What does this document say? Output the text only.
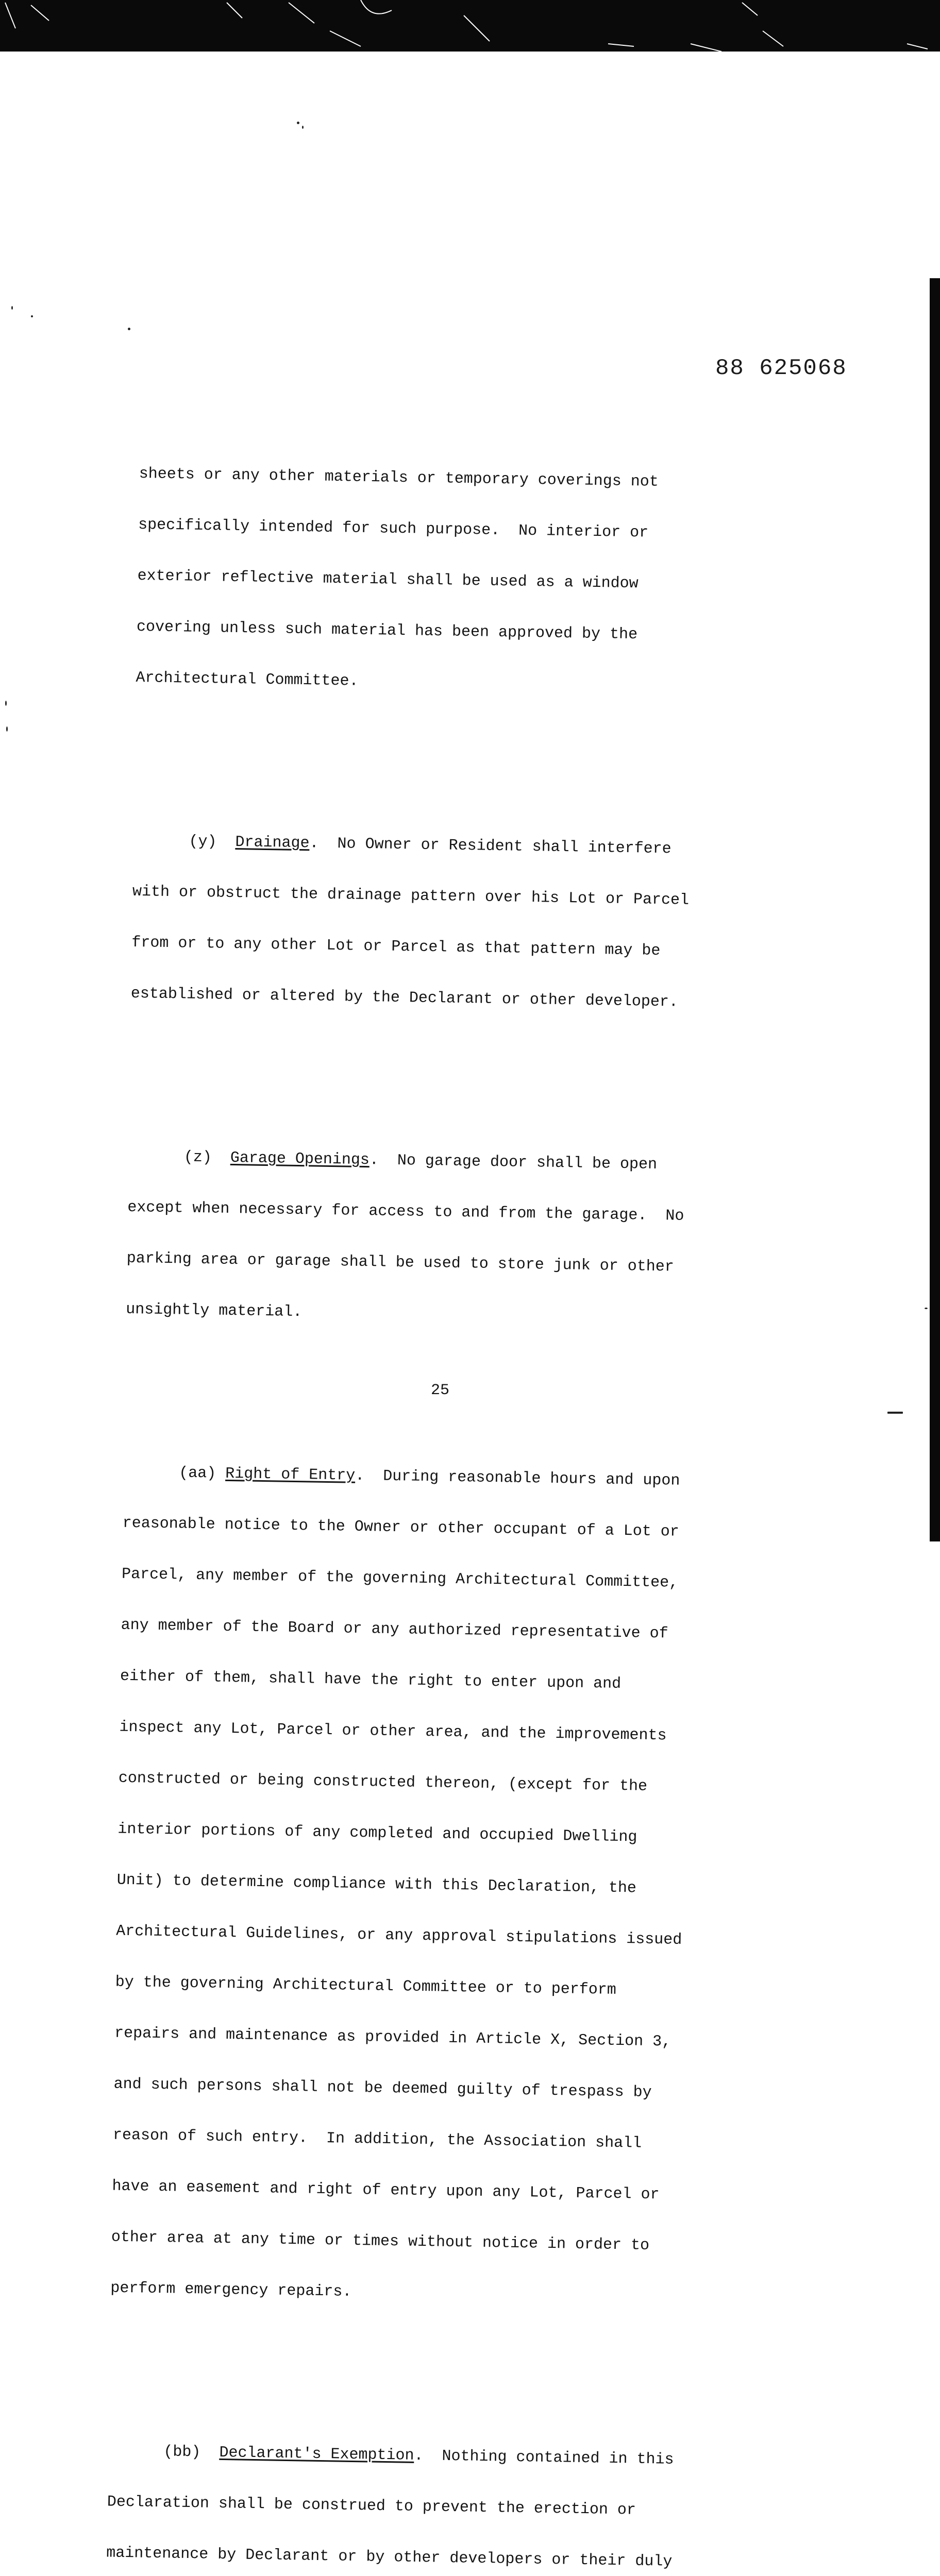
88 625068

sheets or any other materials or temporary coverings not

specifically intended for such purpose.  No interior or

exterior reflective material shall be used as a window

covering unless such material has been approved by the

Architectural Committee.

(y) Drainage.  No Owner or Resident shall interfere

with or obstruct the drainage pattern over his Lot or Parcel

from or to any other Lot or Parcel as that pattern may be

established or altered by the Declarant or other developer.

(z) Garage Openings.  No garage door shall be open

except when necessary for access to and from the garage.  No

parking area or garage shall be used to store junk or other

unsightly material.

(aa) Right of Entry.  During reasonable hours and upon

reasonable notice to the Owner or other occupant of a Lot or

Parcel, any member of the governing Architectural Committee,

any member of the Board or any authorized representative of

either of them, shall have the right to enter upon and

inspect any Lot, Parcel or other area, and the improvements

constructed or being constructed thereon, (except for the

interior portions of any completed and occupied Dwelling

Unit) to determine compliance with this Declaration, the

Architectural Guidelines, or any approval stipulations issued

by the governing Architectural Committee or to perform

repairs and maintenance as provided in Article X, Section 3,

and such persons shall not be deemed guilty of trespass by

reason of such entry.  In addition, the Association shall

have an easement and right of entry upon any Lot, Parcel or

other area at any time or times without notice in order to

perform emergency repairs.

(bb) Declarant's Exemption.  Nothing contained in this

Declaration shall be construed to prevent the erection or

maintenance by Declarant or by other developers or their duly

25
